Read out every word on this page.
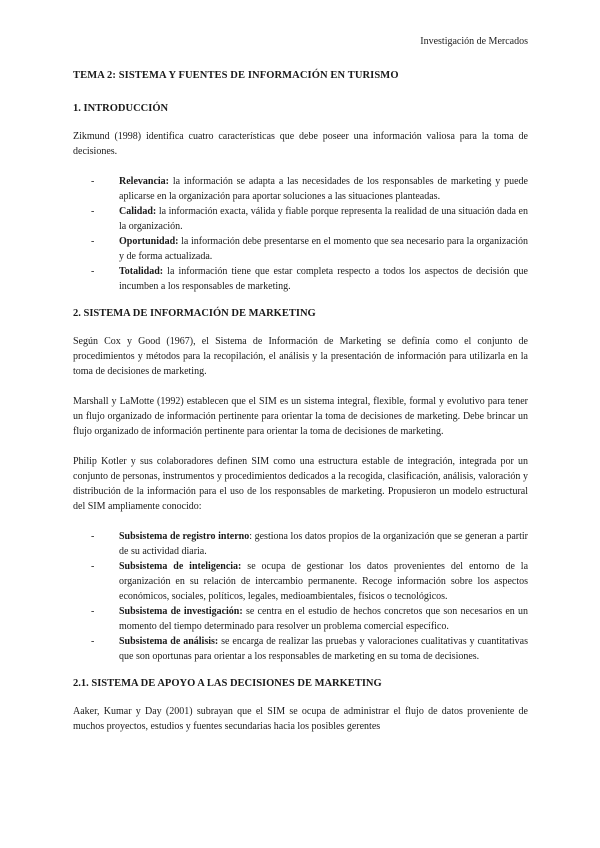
Investigación de Mercados
TEMA 2: SISTEMA Y FUENTES DE INFORMACIÓN EN TURISMO
1. INTRODUCCIÓN

Zikmund (1998) identifica cuatro características que debe poseer una información valiosa para la toma de decisiones.

- Relevancia: la información se adapta a las necesidades de los responsables de marketing y puede aplicarse en la organización para aportar soluciones a las situaciones planteadas.
- Calidad: la información exacta, válida y fiable porque representa la realidad de una situación dada en la organización.
- Oportunidad: la información debe presentarse en el momento que sea necesario para la organización y de forma actualizada.
- Totalidad: la información tiene que estar completa respecto a todos los aspectos de decisión que incumben a los responsables de marketing.
2. SISTEMA DE INFORMACIÓN DE MARKETING

Según Cox y Good (1967), el Sistema de Información de Marketing se definía como el conjunto de procedimientos y métodos para la recopilación, el análisis y la presentación de información para utilizarla en la toma de decisiones de marketing.

Marshall y LaMotte (1992) establecen que el SIM es un sistema integral, flexible, formal y evolutivo para tener un flujo organizado de información pertinente para orientar la toma de decisiones de marketing. Debe brincar un flujo organizado de información pertinente para orientar la toma de decisiones de marketing.

Philip Kotler y sus colaboradores definen SIM como una estructura estable de integración, integrada por un conjunto de personas, instrumentos y procedimientos dedicados a la recogida, clasificación, análisis, valoración y distribución de la información para el uso de los responsables de marketing. Propusieron un modelo estructural del SIM ampliamente conocido:

- Subsistema de registro interno: gestiona los datos propios de la organización que se generan a partir de su actividad diaria.
- Subsistema de inteligencia: se ocupa de gestionar los datos provenientes del entorno de la organización en su relación de intercambio permanente. Recoge información sobre los aspectos económicos, sociales, políticos, legales, medioambientales, físicos o tecnológicos.
- Subsistema de investigación: se centra en el estudio de hechos concretos que son necesarios en un momento del tiempo determinado para resolver un problema comercial específico.
- Subsistema de análisis: se encarga de realizar las pruebas y valoraciones cualitativas y cuantitativas que son oportunas para orientar a los responsables de marketing en su toma de decisiones.
2.1. SISTEMA DE APOYO A LAS DECISIONES DE MARKETING

Aaker, Kumar y Day (2001) subrayan que el SIM se ocupa de administrar el flujo de datos proveniente de muchos proyectos, estudios y fuentes secundarias hacia los posibles gerentes
